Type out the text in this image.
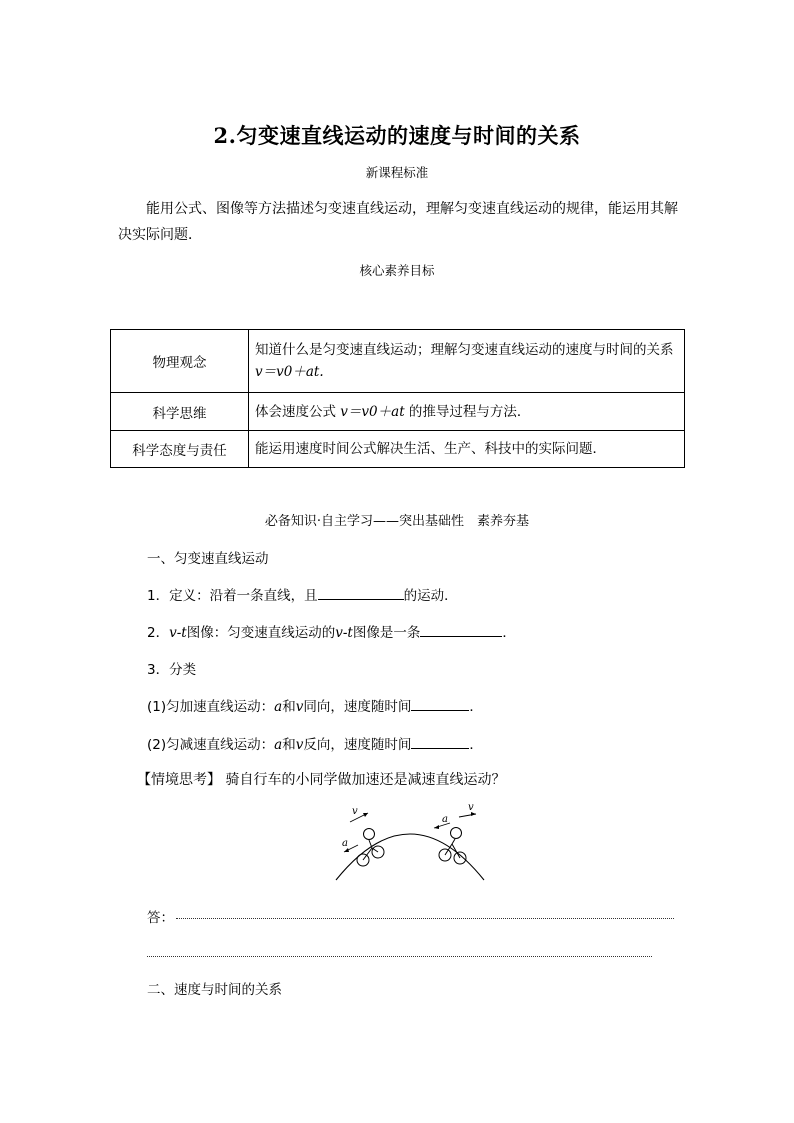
2.匀变速直线运动的速度与时间的关系
新课程标准
能用公式、图像等方法描述匀变速直线运动，理解匀变速直线运动的规律，能运用其解决实际问题．
核心素养目标
物理观念	知道什么是匀变速直线运动；理解匀变速直线运动的速度与时间的关系
v＝v0＋at.
科学思维	体会速度公式 v＝v0＋at 的推导过程与方法．
科学态度与责任	能运用速度时间公式解决生活、生产、科技中的实际问题．
必备知识·自主学习——突出基础性　素养夯基
一、匀变速直线运动
1．定义：沿着一条直线，且	的运动．
2．v-t图像：匀变速直线运动的v-t图像是一条	．
3．分类
(1)匀加速直线运动：a和v同向，速度随时间	．
(2)匀减速直线运动：a和v反向，速度随时间	．
【情境思考】 骑自行车的小同学做加速还是减速直线运动？
v
a
v
a
答：
二、速度与时间的关系
